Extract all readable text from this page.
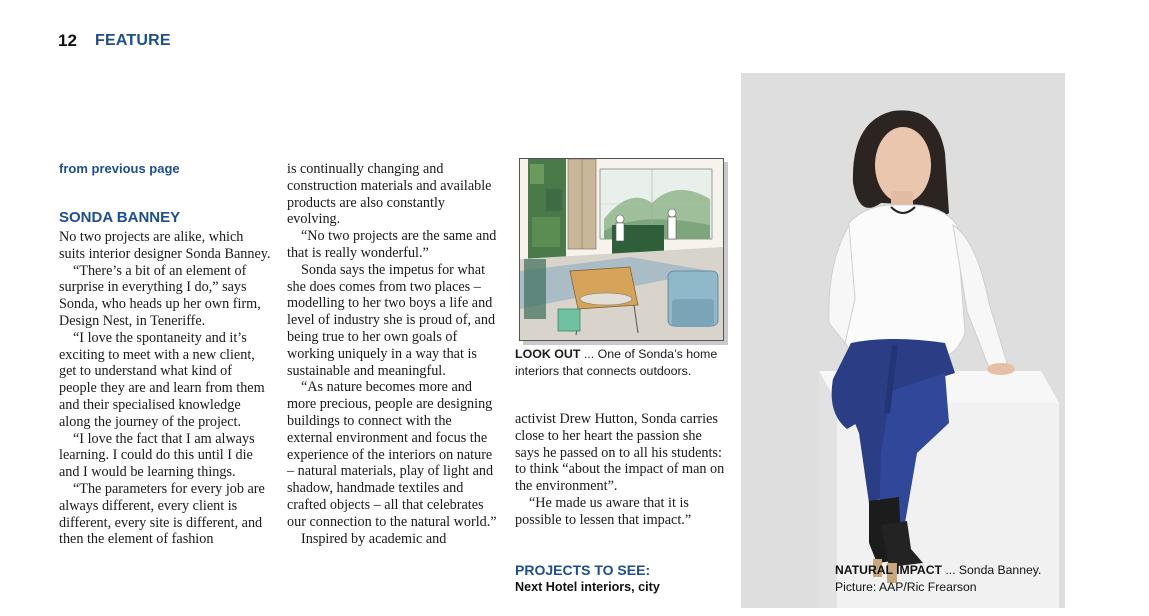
12 FEATURE
from previous page
SONDA BANNEY

No two projects are alike, which suits interior designer Sonda Banney.

“There’s a bit of an element of surprise in everything I do,” says Sonda, who heads up her own firm, Design Nest, in Teneriffe.

“I love the spontaneity and it’s exciting to meet with a new client, get to understand what kind of people they are and learn from them and their specialised knowledge along the journey of the project.

“I love the fact that I am always learning. I could do this until I die and I would be learning things.

“The parameters for every job are always different, every client is different, every site is different, and then the element of fashion

is continually changing and construction materials and available products are also constantly evolving.

“No two projects are the same and that is really wonderful.”

Sonda says the impetus for what she does comes from two places – modelling to her two boys a life and level of industry she is proud of, and being true to her own goals of working uniquely in a way that is sustainable and meaningful.

“As nature becomes more and more precious, people are designing buildings to connect with the external environment and focus the experience of the interiors on nature – natural materials, play of light and shadow, handmade textiles and crafted objects – all that celebrates our connection to the natural world.”

Inspired by academic and

LOOK OUT ... One of Sonda’s home interiors that connects outdoors.

activist Drew Hutton, Sonda carries close to her heart the passion she says he passed on to all his students: to think “about the impact of man on the environment”.

“He made us aware that it is possible to lessen that impact.”

PROJECTS TO SEE:
Next Hotel interiors, city
NATURAL IMPACT ... Sonda Banney.
Picture: AAP/Ric Frearson
